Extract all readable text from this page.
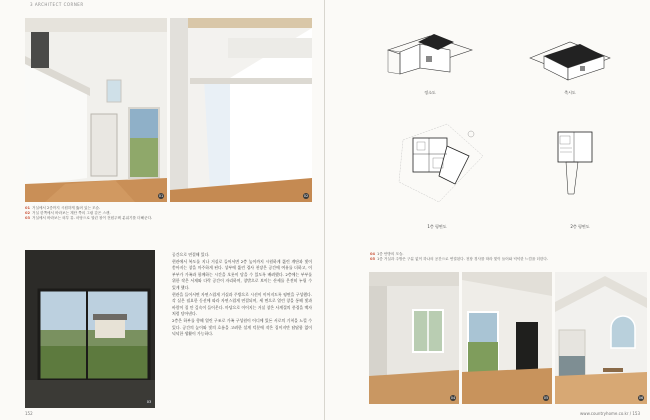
3 ARCHITECT CORNER
01	02
01 거실에서 2층까지 시원하게 뚫려 있는 모습.
02 거실 한쪽에서 바라보는 계단 쪽의 그림 같은 스캔.
03 거실에서 바라보는 외부 뷰. 마당으로 열린 창이 전원주택 분위기를 더해준다.
03

공간으로 연결해 있다.

현관에서 복도를 지나 거실로 들어서면 2층 높이까지 시원하게 뚫린 계단과 빛이 쏟아지는 창을 마주하게 된다. 상부에 뚫린 경사 천장은 공간에 여유를 더하고, 이 부부가 가족과 함께하는 시간을 오롯이 담을 수 있도록 배려했다. 2층에는 부부를 위한 작은 서재와 다락 공간이 자리하며, 창밖으로 보이는 산세를 온전히 누릴 수 있게 했다.

현관을 들어서면 자연스럽게 거실과 주방으로 시선이 이어지도록 평면을 구성했다. 각 실은 필요한 동선에 따라 자연스럽게 연결되며, 세 면으로 열린 창을 통해 빛과 바람이 집 안 깊숙이 들어온다. 마당으로 이어지는 거실 창은 사계절의 풍경을 액자처럼 담아낸다.

2층은 하부를 향해 열린 구조로 가족 구성원이 어디에 있든 서로의 기척을 느낄 수 있다. 공간의 높이와 빛의 흐름을 고려한 설계 덕분에 작은 집이지만 답답함 없이 넉넉한 생활이 가능하다.

152
정소도	축시도
1층 평면도	2층 평면도
04 1층 안방의 모습.
05 1층 거실과 주방은 구분 없이 하나의 공간으로 연결된다. 천장 경사를 따라 빛이 들어와 넉넉한 느낌을 더한다.
04	05	06
www.countryhome.co.kr / 153
